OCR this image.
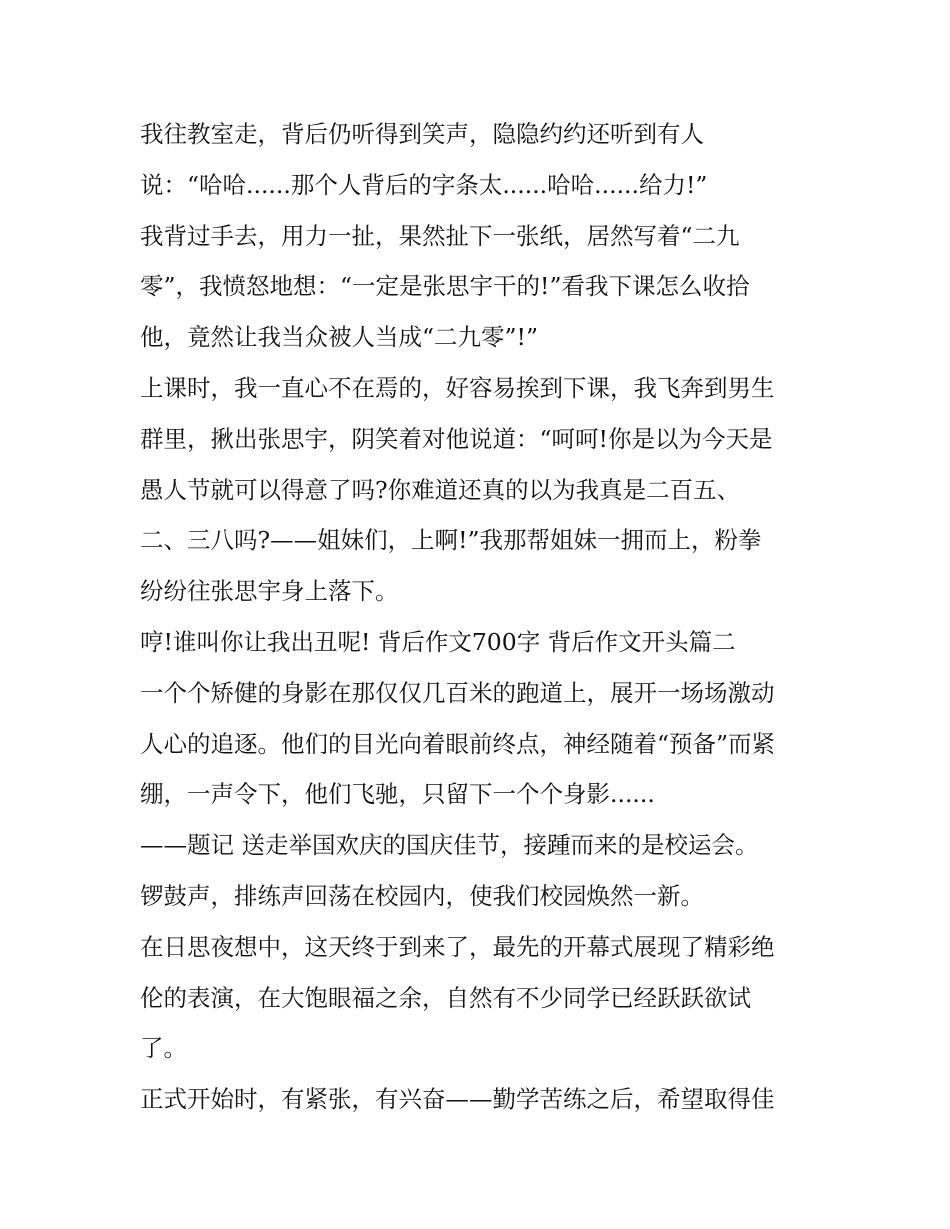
我往教室走，背后仍听得到笑声，隐隐约约还听到有人

说：“哈哈......那个人背后的字条太......哈哈......给力!”

我背过手去，用力一扯，果然扯下一张纸，居然写着“二九

零”，我愤怒地想：“一定是张思宇干的!”看我下课怎么收拾

他，竟然让我当众被人当成“二九零”!”

上课时，我一直心不在焉的，好容易挨到下课，我飞奔到男生

群里，揪出张思宇，阴笑着对他说道：“呵呵!你是以为今天是

愚人节就可以得意了吗?你难道还真的以为我真是二百五、

二、三八吗?——姐妹们，上啊!”我那帮姐妹一拥而上，粉拳

纷纷往张思宇身上落下。

哼!谁叫你让我出丑呢! 背后作文700字 背后作文开头篇二

一个个矫健的身影在那仅仅几百米的跑道上，展开一场场激动

人心的追逐。他们的目光向着眼前终点，神经随着“预备”而紧

绷，一声令下，他们飞驰，只留下一个个身影......

——题记 送走举国欢庆的国庆佳节，接踵而来的是校运会。

锣鼓声，排练声回荡在校园内，使我们校园焕然一新。

在日思夜想中，这天终于到来了，最先的开幕式展现了精彩绝

伦的表演，在大饱眼福之余，自然有不少同学已经跃跃欲试

了。

正式开始时，有紧张，有兴奋——勤学苦练之后，希望取得佳
